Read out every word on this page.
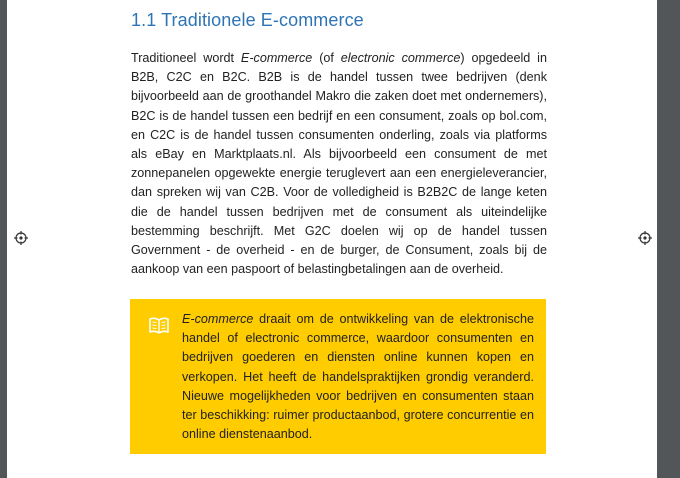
1.1 Traditionele E-commerce

Traditioneel wordt E-commerce (of electronic commerce) opgedeeld in B2B, C2C en B2C. B2B is de handel tussen twee bedrijven (denk bijvoorbeeld aan de groothandel Makro die zaken doet met ondernemers), B2C is de handel tussen een bedrijf en een consument, zoals op bol.com, en C2C is de handel tussen consumenten onderling, zoals via platforms als eBay en Marktplaats.nl. Als bijvoorbeeld een consument de met zonnepanelen opgewekte energie teruglevert aan een energieleverancier, dan spreken wij van C2B. Voor de volledigheid is B2B2C de lange keten die de handel tussen bedrijven met de consument als uiteindelijke bestemming beschrijft. Met G2C doelen wij op de handel tussen Government - de overheid - en de burger, de Consument, zoals bij de aankoop van een paspoort of belastingbetalingen aan de overheid.

E-commerce draait om de ontwikkeling van de elektronische handel of electronic commerce, waardoor consumenten en bedrijven goederen en diensten online kunnen kopen en verkopen. Het heeft de handelspraktijken grondig veranderd. Nieuwe mogelijkheden voor bedrijven en consumenten staan ter beschikking: ruimer productaanbod, grotere concurrentie en online dienstenaanbod.
